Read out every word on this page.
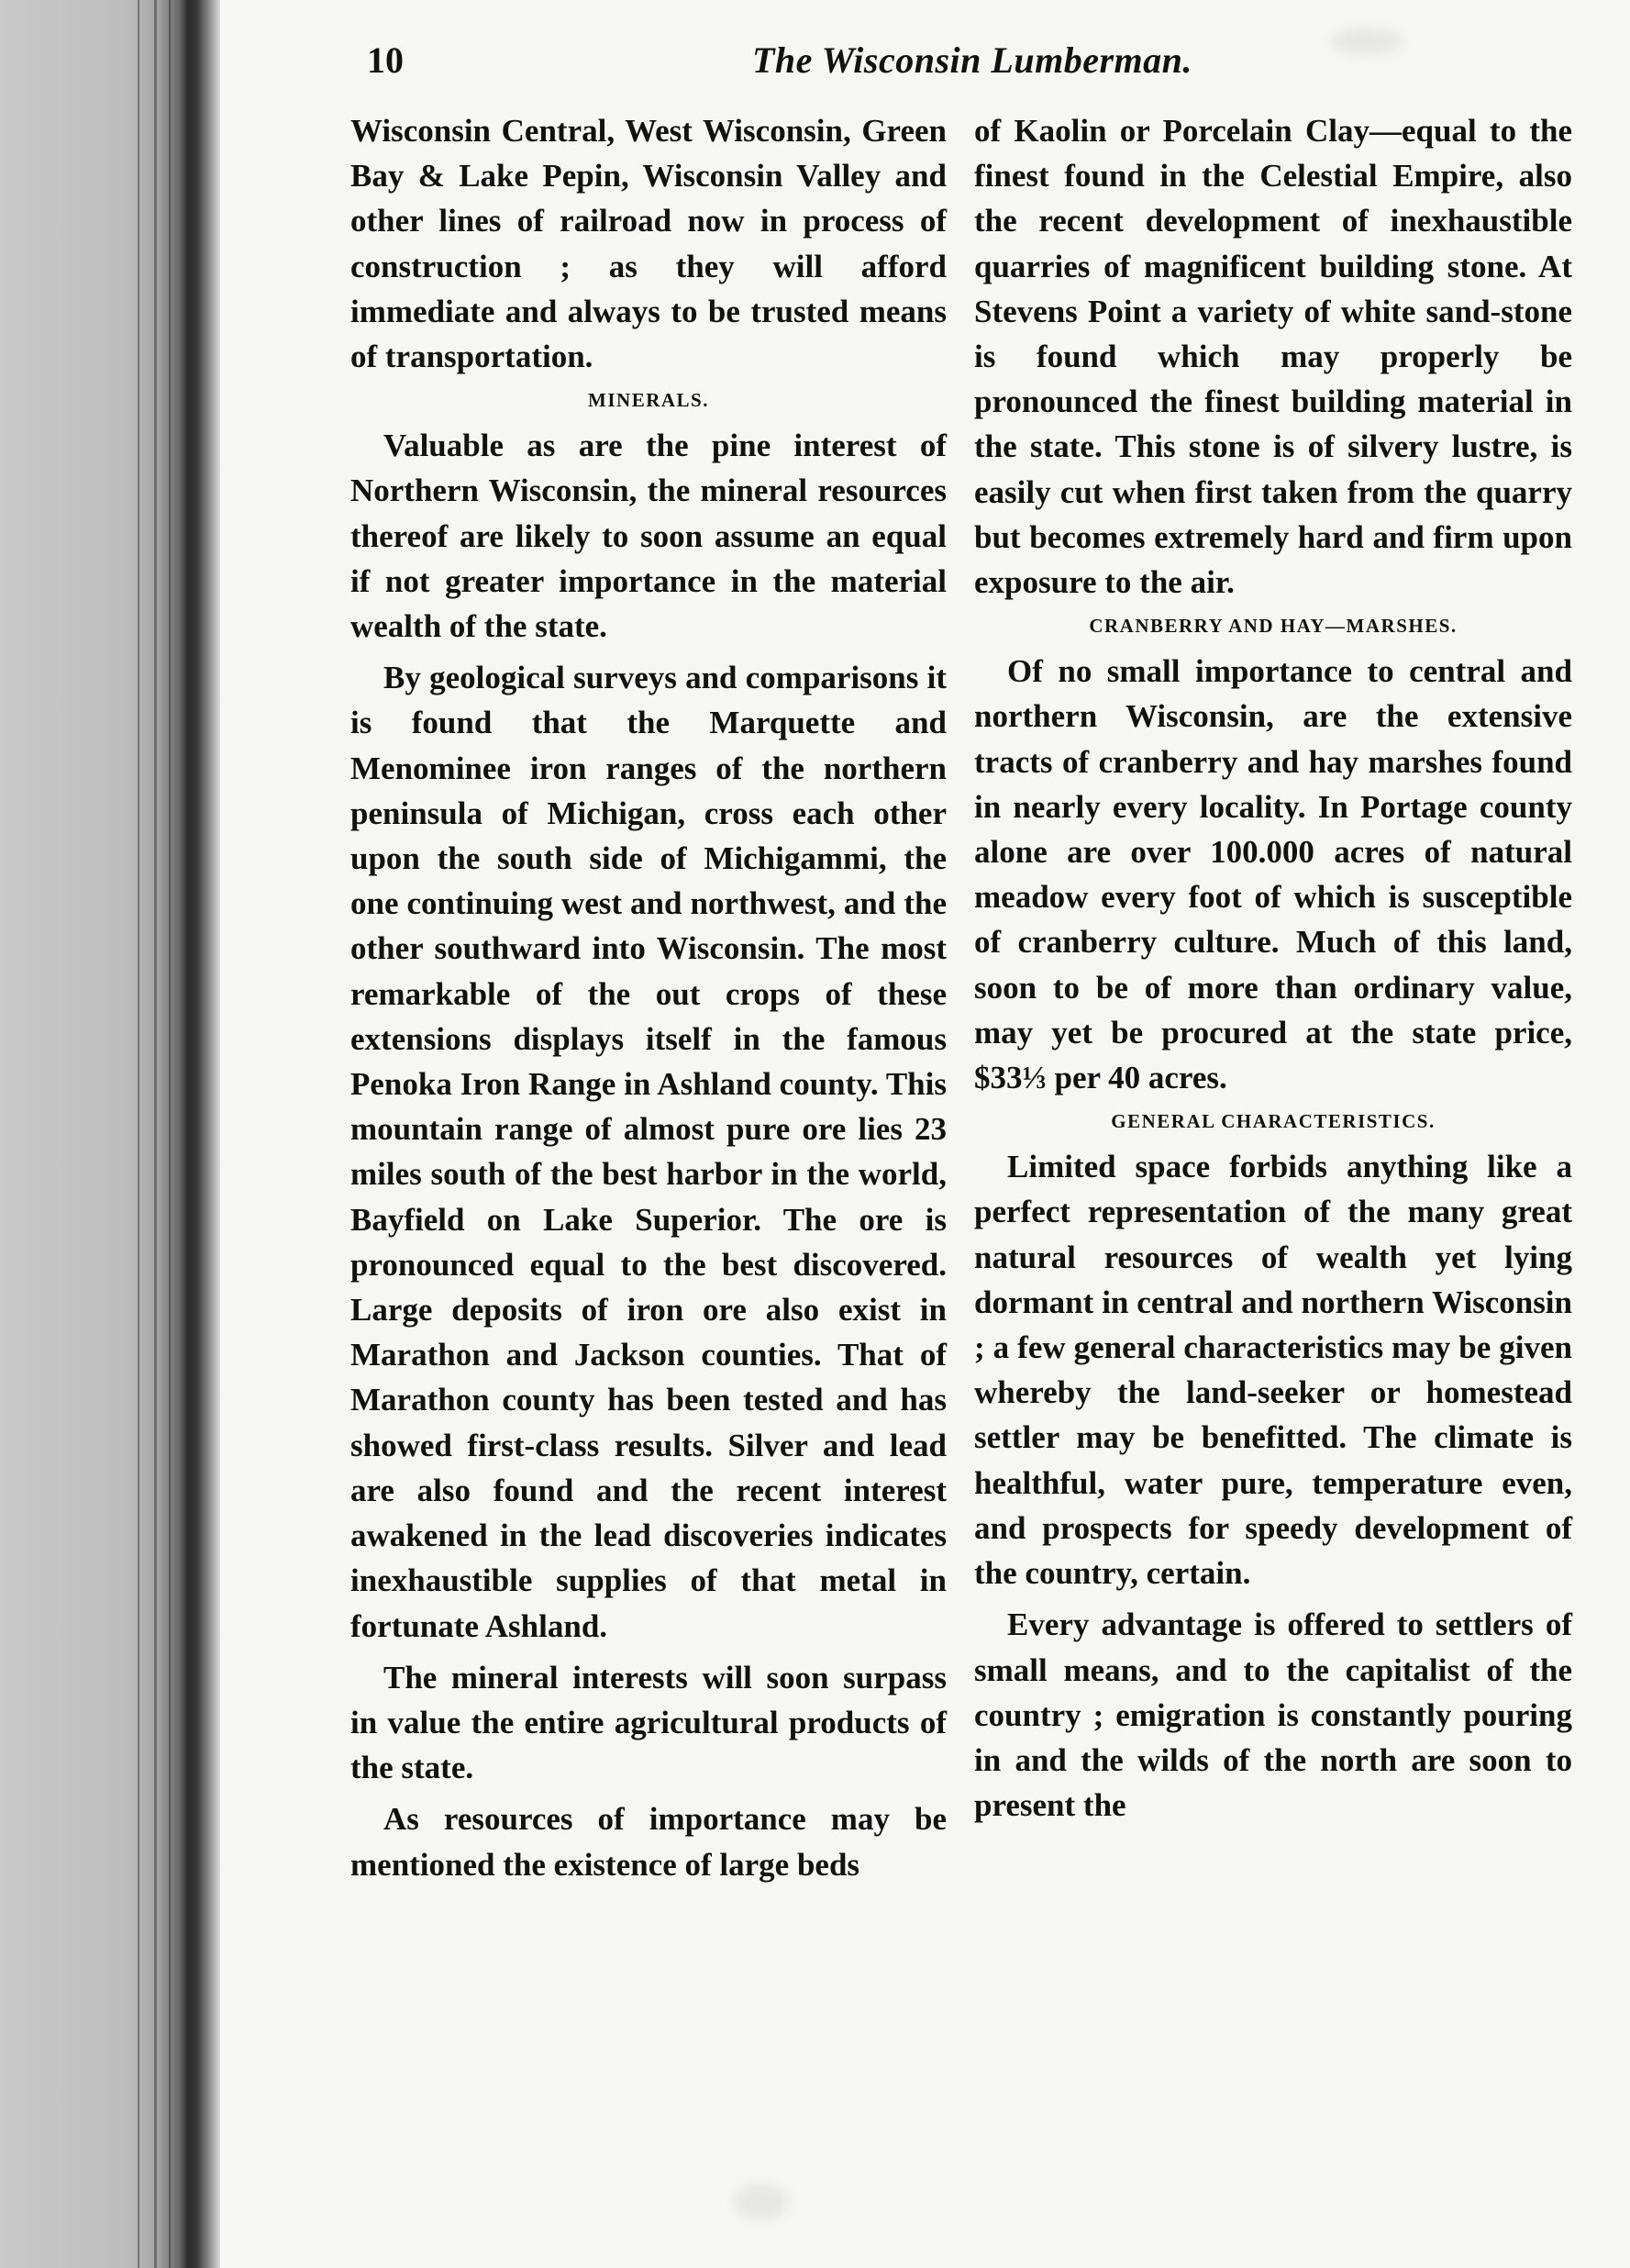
10	The Wisconsin Lumberman.

Wisconsin Central, West Wisconsin, Green Bay & Lake Pepin, Wisconsin Valley and other lines of railroad now in process of construction ; as they will afford immediate and always to be trusted means of transportation.

MINERALS.

Valuable as are the pine interest of Northern Wisconsin, the mineral resources thereof are likely to soon assume an equal if not greater importance in the material wealth of the state.

By geological surveys and comparisons it is found that the Marquette and Menominee iron ranges of the northern peninsula of Michigan, cross each other upon the south side of Michigammi, the one continuing west and northwest, and the other southward into Wisconsin. The most remarkable of the out crops of these extensions displays itself in the famous Penoka Iron Range in Ashland county. This mountain range of almost pure ore lies 23 miles south of the best harbor in the world, Bayfield on Lake Superior. The ore is pronounced equal to the best discovered. Large deposits of iron ore also exist in Marathon and Jackson counties. That of Marathon county has been tested and has showed first-class results. Silver and lead are also found and the recent interest awakened in the lead discoveries indicates inexhaustible supplies of that metal in fortunate Ashland.

The mineral interests will soon surpass in value the entire agricultural products of the state.

As resources of importance may be mentioned the existence of large beds

of Kaolin or Porcelain Clay—equal to the finest found in the Celestial Empire, also the recent development of inexhaustible quarries of magnificent building stone. At Stevens Point a variety of white sand-stone is found which may properly be pronounced the finest building material in the state. This stone is of silvery lustre, is easily cut when first taken from the quarry but becomes extremely hard and firm upon exposure to the air.

CRANBERRY AND HAY—MARSHES.

Of no small importance to central and northern Wisconsin, are the extensive tracts of cranberry and hay marshes found in nearly every locality. In Portage county alone are over 100.000 acres of natural meadow every foot of which is susceptible of cranberry culture. Much of this land, soon to be of more than ordinary value, may yet be procured at the state price, $33⅓ per 40 acres.

GENERAL CHARACTERISTICS.

Limited space forbids anything like a perfect representation of the many great natural resources of wealth yet lying dormant in central and northern Wisconsin ; a few general characteristics may be given whereby the land-seeker or homestead settler may be benefitted. The climate is healthful, water pure, temperature even, and prospects for speedy development of the country, certain.

Every advantage is offered to settlers of small means, and to the capitalist of the country ; emigration is constantly pouring in and the wilds of the north are soon to present the
